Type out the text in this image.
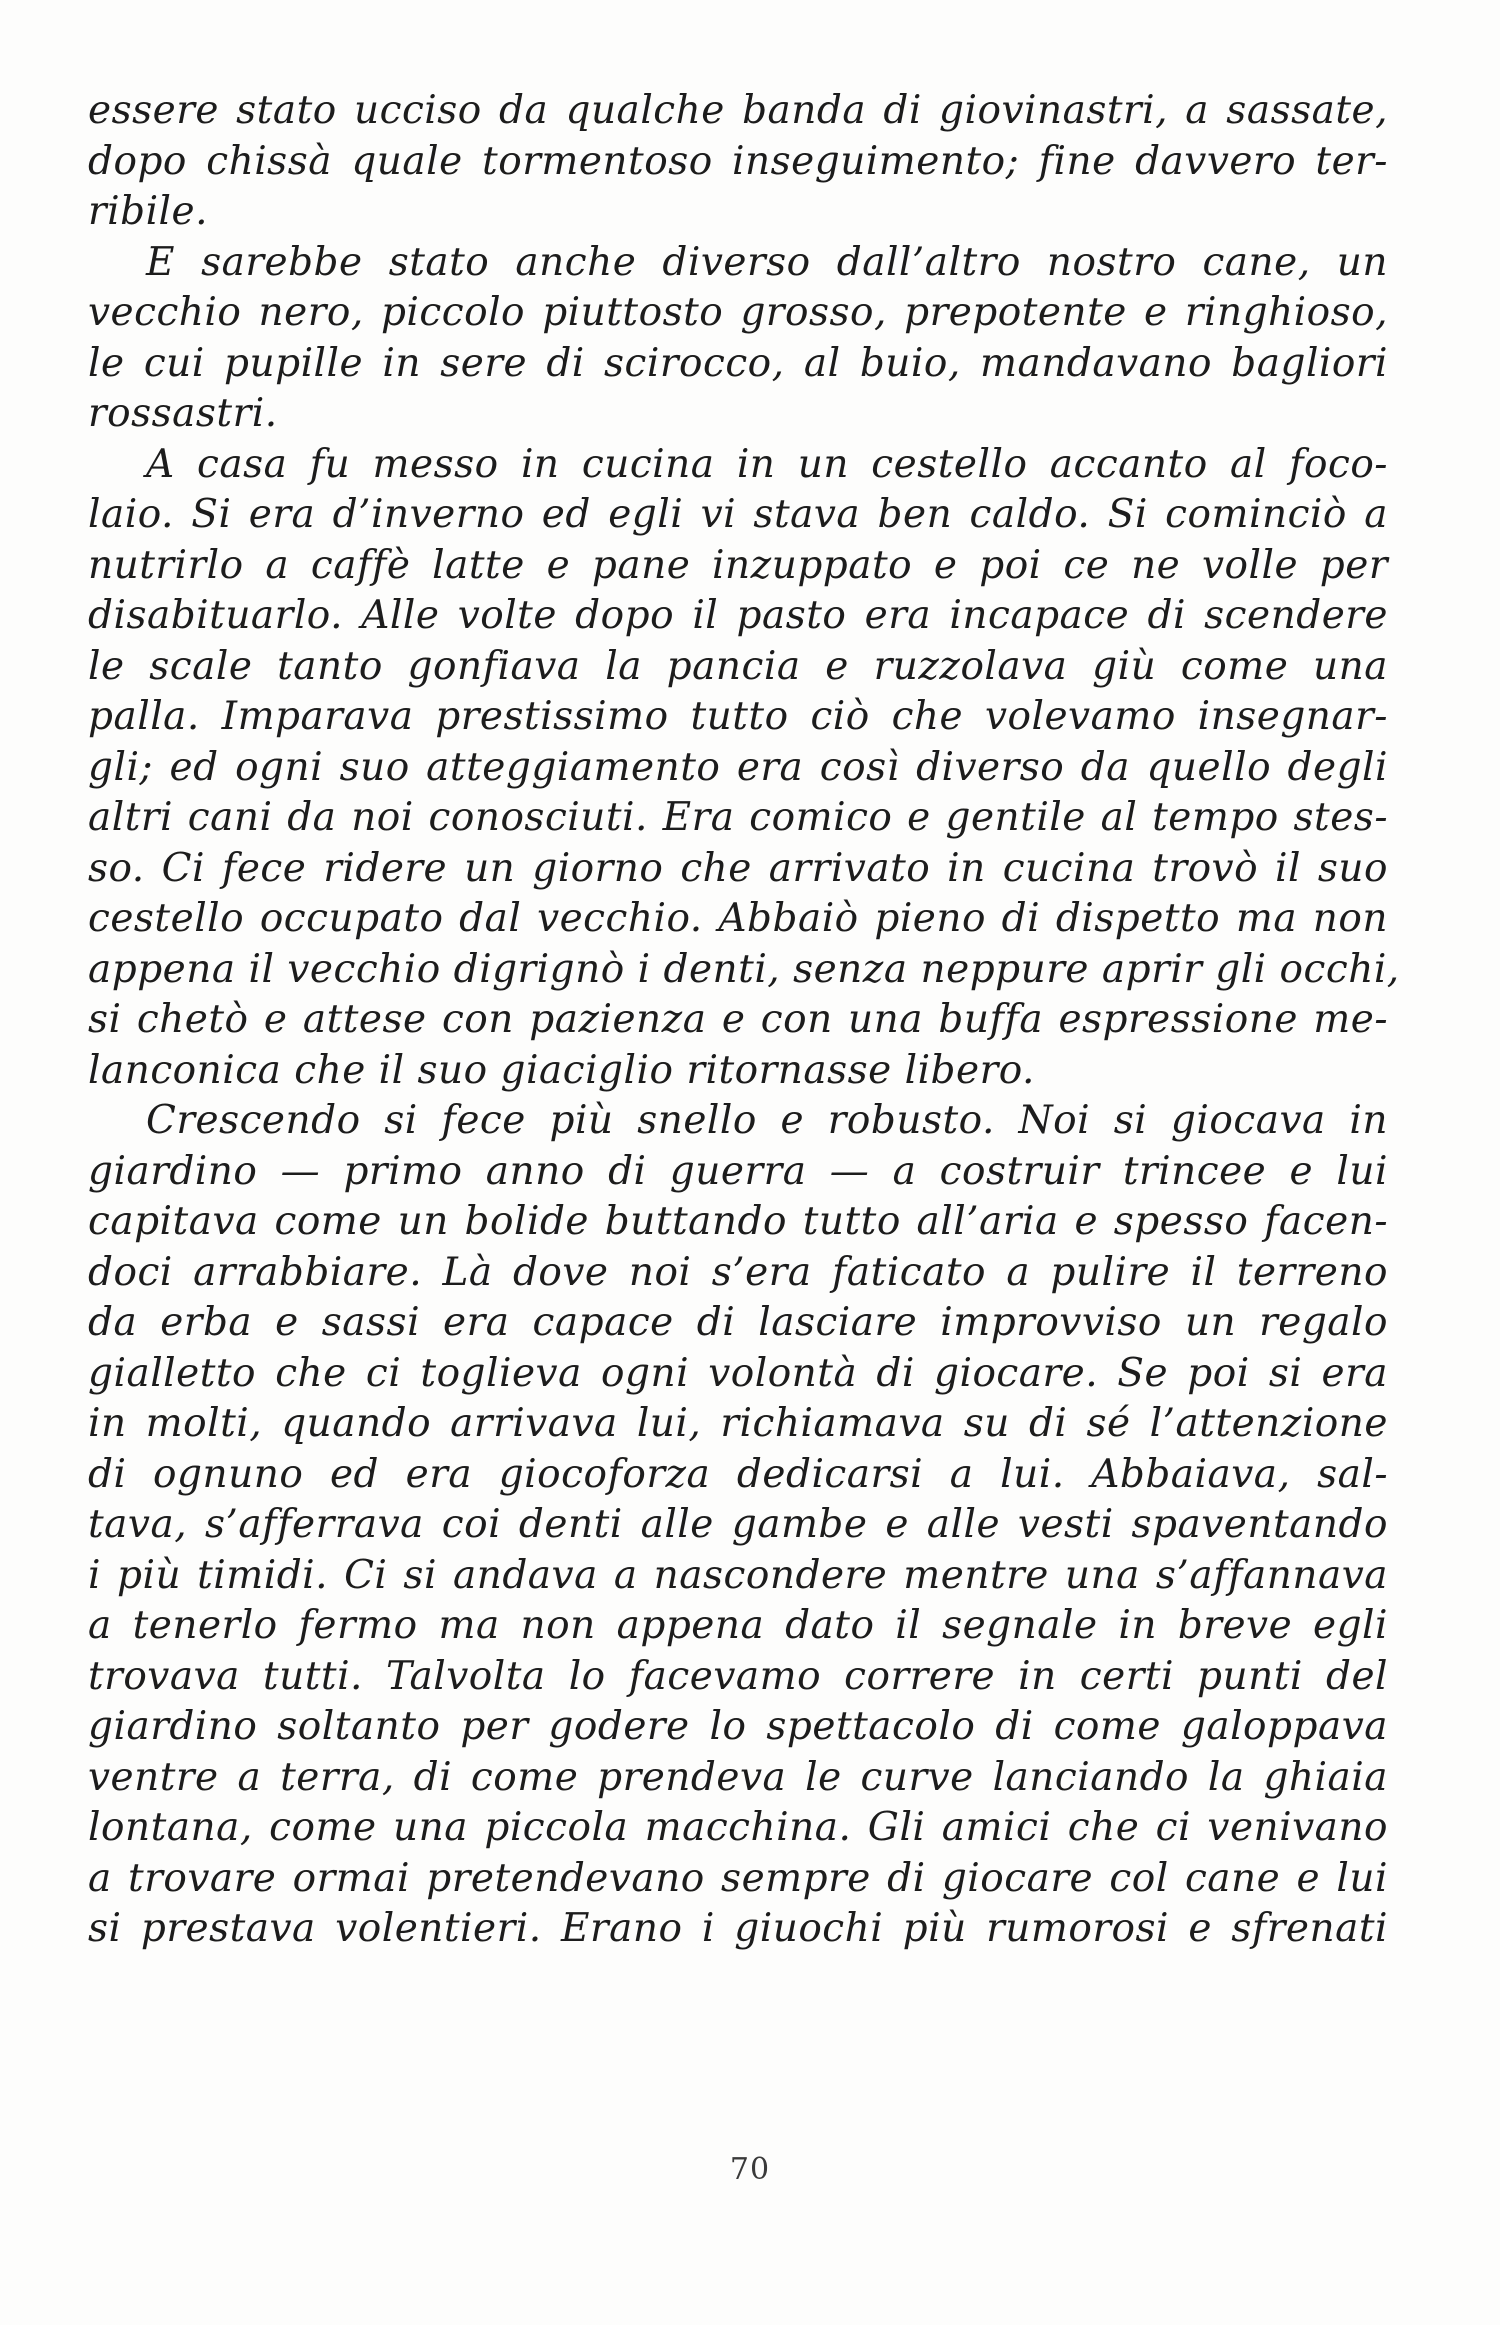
essere stato ucciso da qualche banda di giovinastri, a sassate,
dopo chissà quale tormentoso inseguimento; fine davvero ter-
ribile.
E sarebbe stato anche diverso dall’altro nostro cane, un
vecchio nero, piccolo piuttosto grosso, prepotente e ringhioso,
le cui pupille in sere di scirocco, al buio, mandavano bagliori
rossastri.
A casa fu messo in cucina in un cestello accanto al foco-
laio. Si era d’inverno ed egli vi stava ben caldo. Si cominciò a
nutrirlo a caffè latte e pane inzuppato e poi ce ne volle per
disabituarlo. Alle volte dopo il pasto era incapace di scendere
le scale tanto gonfiava la pancia e ruzzolava giù come una
palla. Imparava prestissimo tutto ciò che volevamo insegnar-
gli; ed ogni suo atteggiamento era così diverso da quello degli
altri cani da noi conosciuti. Era comico e gentile al tempo stes-
so. Ci fece ridere un giorno che arrivato in cucina trovò il suo
cestello occupato dal vecchio. Abbaiò pieno di dispetto ma non
appena il vecchio digrignò i denti, senza neppure aprir gli occhi,
si chetò e attese con pazienza e con una buffa espressione me-
lanconica che il suo giaciglio ritornasse libero.
Crescendo si fece più snello e robusto. Noi si giocava in
giardino — primo anno di guerra — a costruir trincee e lui
capitava come un bolide buttando tutto all’aria e spesso facen-
doci arrabbiare. Là dove noi s’era faticato a pulire il terreno
da erba e sassi era capace di lasciare improvviso un regalo
gialletto che ci toglieva ogni volontà di giocare. Se poi si era
in molti, quando arrivava lui, richiamava su di sé l’attenzione
di ognuno ed era giocoforza dedicarsi a lui. Abbaiava, sal-
tava, s’afferrava coi denti alle gambe e alle vesti spaventando
i più timidi. Ci si andava a nascondere mentre una s’affannava
a tenerlo fermo ma non appena dato il segnale in breve egli
trovava tutti. Talvolta lo facevamo correre in certi punti del
giardino soltanto per godere lo spettacolo di come galoppava
ventre a terra, di come prendeva le curve lanciando la ghiaia
lontana, come una piccola macchina. Gli amici che ci venivano
a trovare ormai pretendevano sempre di giocare col cane e lui
si prestava volentieri. Erano i giuochi più rumorosi e sfrenati
70
